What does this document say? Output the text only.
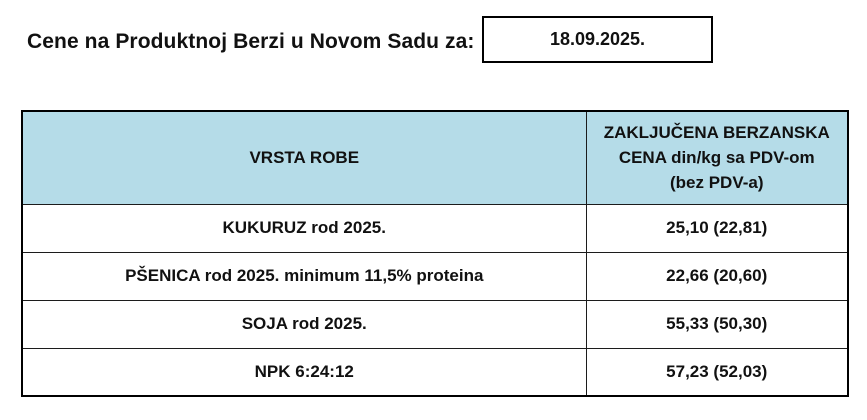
Cene na Produktnoj Berzi u Novom Sadu za:	18.09.2025.
VRSTA ROBE	ZAKLJUČENA BERZANSKA
CENA din/kg sa PDV-om
(bez PDV-a)

KUKURUZ rod 2025.	25,10 (22,81)
PŠENICA rod 2025. minimum 11,5% proteina	22,66 (20,60)
SOJA rod 2025.	55,33 (50,30)
NPK 6:24:12	57,23 (52,03)
